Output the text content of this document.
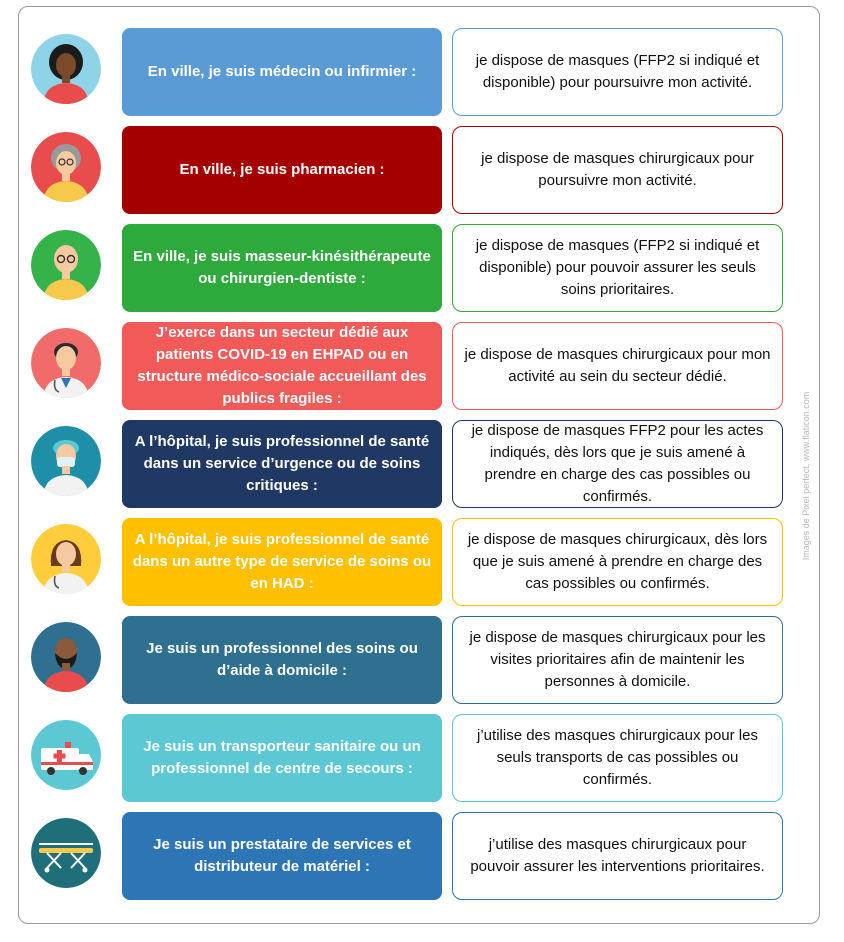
En ville, je suis médecin ou infirmier :
je dispose de masques (FFP2 si indiqué et disponible) pour poursuivre mon activité.
En ville, je suis pharmacien :
je dispose de masques chirurgicaux pour poursuivre mon activité.
En ville, je suis masseur-kinésithérapeute ou chirurgien-dentiste :
je dispose de masques (FFP2 si indiqué et disponible) pour pouvoir assurer les seuls soins prioritaires.
J’exerce dans un secteur dédié aux patients COVID-19 en EHPAD ou en structure médico-sociale accueillant des publics fragiles :
je dispose de masques chirurgicaux pour mon activité au sein du secteur dédié.
A l’hôpital, je suis professionnel de santé dans un service d’urgence ou de soins critiques :
je dispose de masques FFP2 pour les actes indiqués, dès lors que je suis amené à prendre en charge des cas possibles ou confirmés.
A l’hôpital, je suis professionnel de santé dans un autre type de service de soins ou en HAD :
je dispose de masques chirurgicaux, dès lors que je suis amené à prendre en charge des cas possibles ou confirmés.
Je suis un professionnel des soins ou d’aide à domicile :
je dispose de masques chirurgicaux pour les visites prioritaires afin de maintenir les personnes à domicile.
Je suis un transporteur sanitaire ou un professionnel de centre de secours :
j’utilise des masques chirurgicaux pour les seuls transports de cas possibles ou confirmés.
Je suis un prestataire de services et distributeur de matériel :
j’utilise des masques chirurgicaux pour pouvoir assurer les interventions prioritaires.
Images de Pixel perfect, www.flaticon.com
